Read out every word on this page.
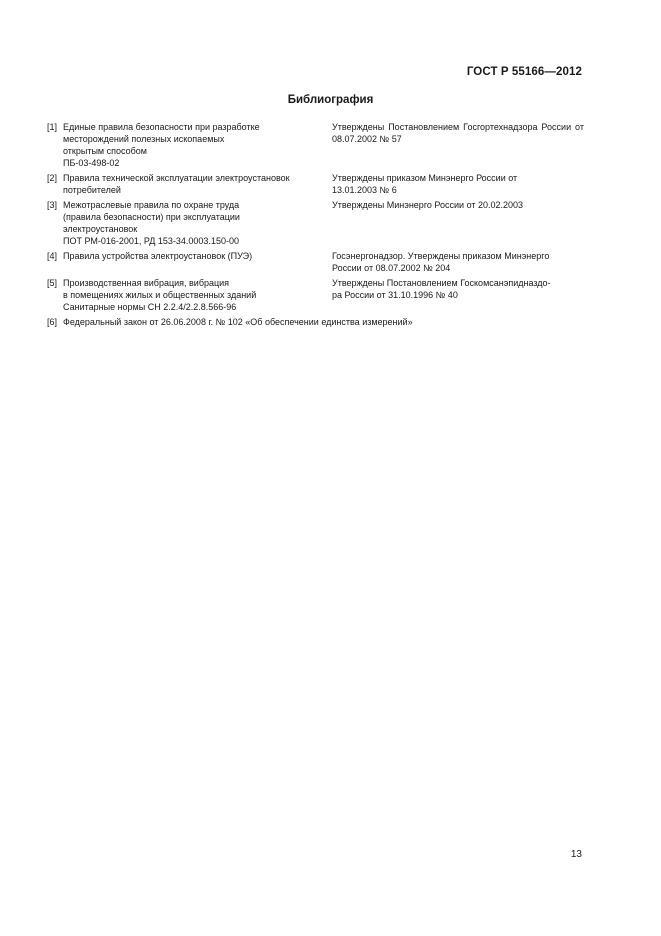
ГОСТ Р 55166—2012
Библиография
[1] Единые правила безопасности при разработке
месторождений полезных ископаемых
открытым способом
ПБ-03-498-02
Утверждены Постановлением Госгортехнадзора России от 08.07.2002 № 57
[2] Правила технической эксплуатации электроустановок
потребителей
Утверждены приказом Минэнерго России от
13.01.2003 № 6
[3] Межотраслевые правила по охране труда
(правила безопасности) при эксплуатации
электроустановок
ПОТ РМ-016-2001, РД 153-34.0003.150-00
Утверждены Минэнерго России от 20.02.2003
[4] Правила устройства электроустановок (ПУЭ)	Госэнергонадзор. Утверждены приказом Минэнерго
России от 08.07.2002 № 204
[5] Производственная вибрация, вибрация
в помещениях жилых и общественных зданий
Санитарные нормы СН 2.2.4/2.2.8.566-96
Утверждены Постановлением Госкомсанэпидназдо-
ра России от 31.10.1996 № 40
[6] Федеральный закон от 26.06.2008 г. № 102 «Об обеспечении единства измерений»
13
